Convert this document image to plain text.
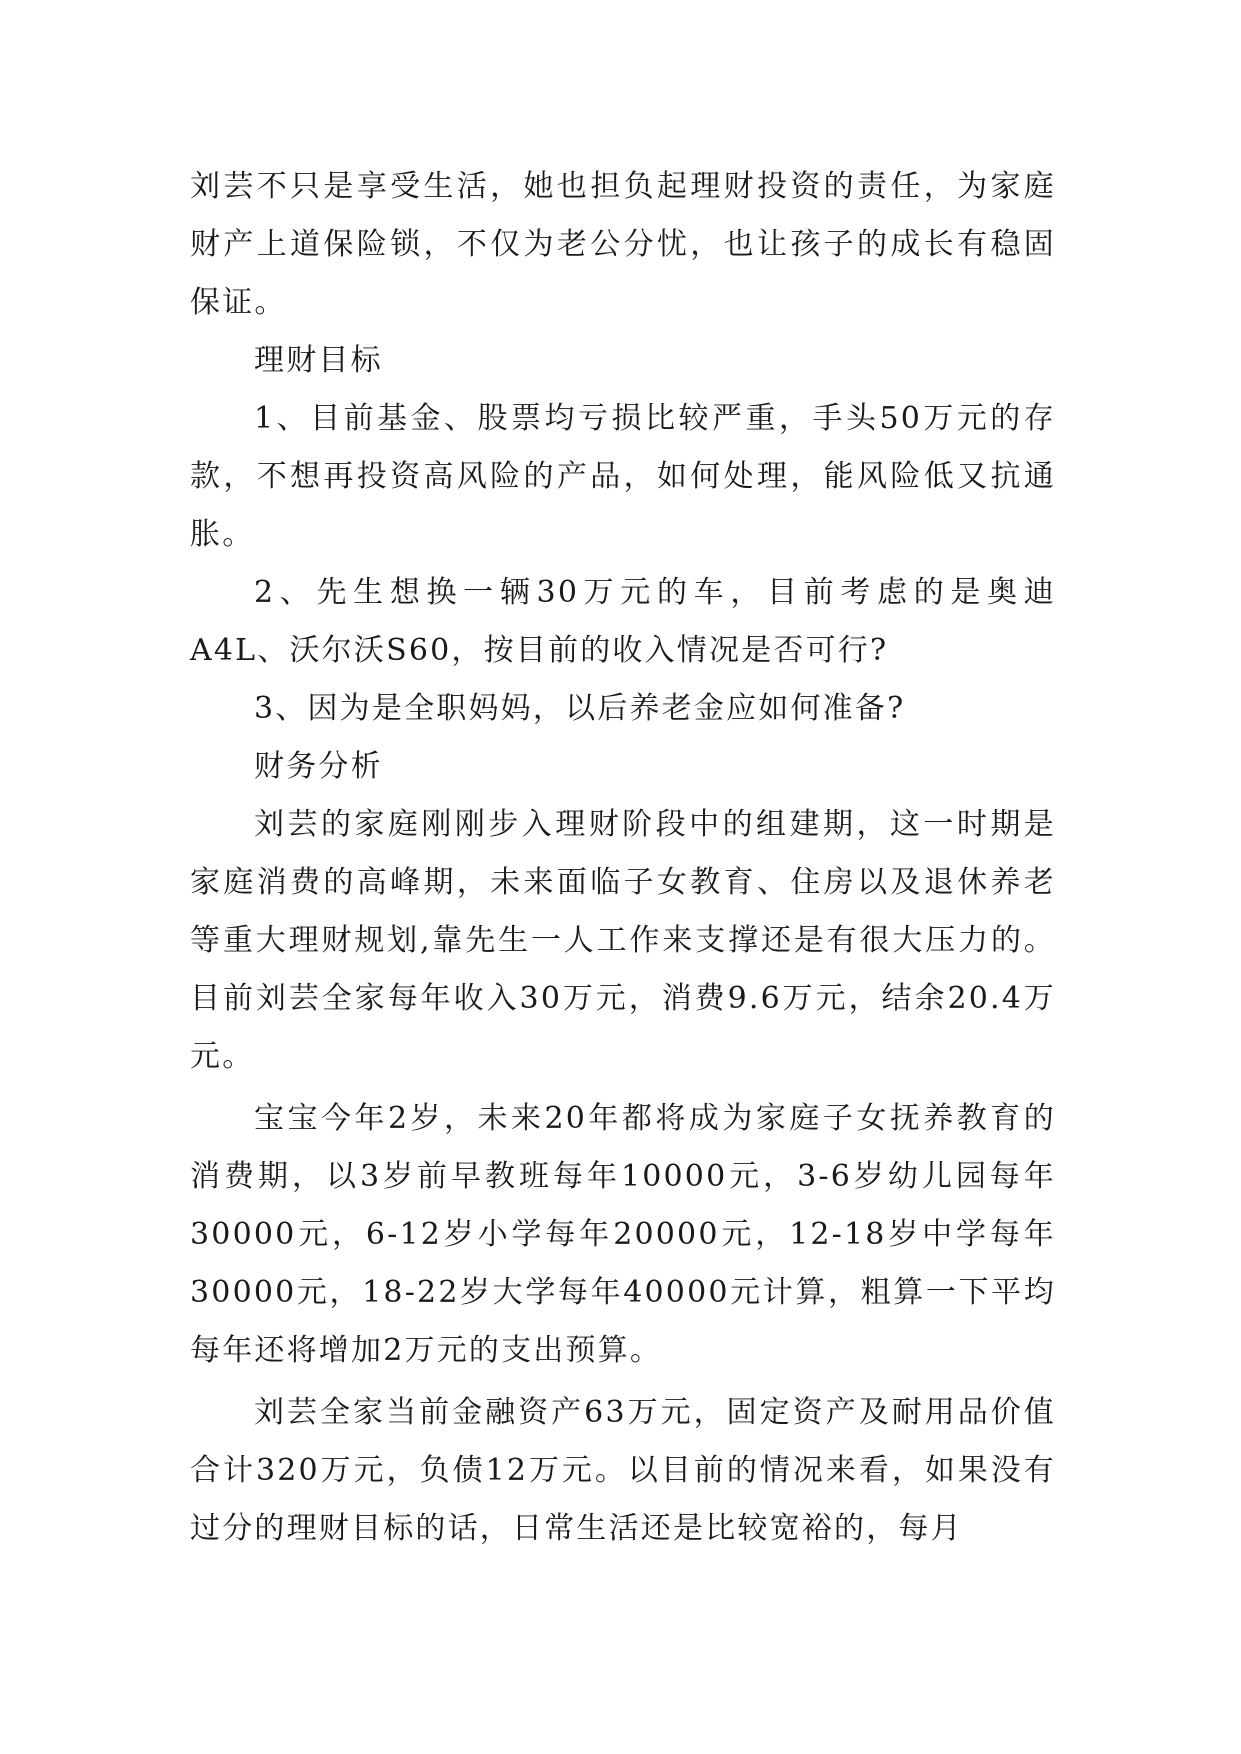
刘芸不只是享受生活，她也担负起理财投资的责任，为家庭财产上道保险锁，不仅为老公分忧，也让孩子的成长有稳固保证。

理财目标

1、目前基金、股票均亏损比较严重，手头50万元的存款，不想再投资高风险的产品，如何处理，能风险低又抗通胀。

2、先生想换一辆30万元的车，目前考虑的是奥迪A4L、沃尔沃S60，按目前的收入情况是否可行?

3、因为是全职妈妈，以后养老金应如何准备?

财务分析

刘芸的家庭刚刚步入理财阶段中的组建期，这一时期是家庭消费的高峰期，未来面临子女教育、住房以及退休养老等重大理财规划,靠先生一人工作来支撑还是有很大压力的。目前刘芸全家每年收入30万元，消费9.6万元，结余20.4万元。

宝宝今年2岁，未来20年都将成为家庭子女抚养教育的消费期，以3岁前早教班每年10000元，3-6岁幼儿园每年30000元，6-12岁小学每年20000元，12-18岁中学每年30000元，18-22岁大学每年40000元计算，粗算一下平均每年还将增加2万元的支出预算。

刘芸全家当前金融资产63万元，固定资产及耐用品价值合计320万元，负债12万元。以目前的情况来看，如果没有过分的理财目标的话，日常生活还是比较宽裕的，每月
